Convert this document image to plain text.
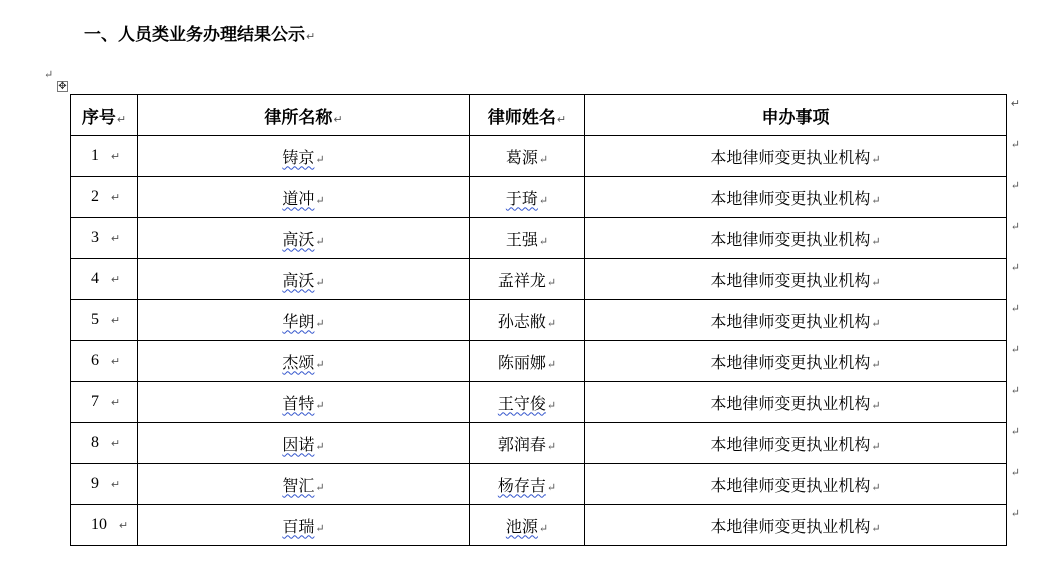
一、人员类业务办理结果公示↵
↵
✥
序号↵	律所名称↵	律师姓名↵	申办事项
↵

1 ↵	铸京↵	葛源↵	本地律师变更执业机构↵
↵

2 ↵	道冲↵	于琦↵	本地律师变更执业机构↵
↵

3 ↵	高沃↵	王强↵	本地律师变更执业机构↵
↵

4 ↵	高沃↵	孟祥龙↵	本地律师变更执业机构↵
↵

5 ↵	华朗↵	孙志敝↵	本地律师变更执业机构↵
↵

6 ↵	杰颂↵	陈丽娜↵	本地律师变更执业机构↵
↵

7 ↵	首特↵	王守俊↵	本地律师变更执业机构↵
↵

8 ↵	因诺↵	郭润春↵	本地律师变更执业机构↵
↵

9 ↵	智汇↵	杨存吉↵	本地律师变更执业机构↵
↵

10 ↵	百瑞↵	池源↵	本地律师变更执业机构↵
↵
